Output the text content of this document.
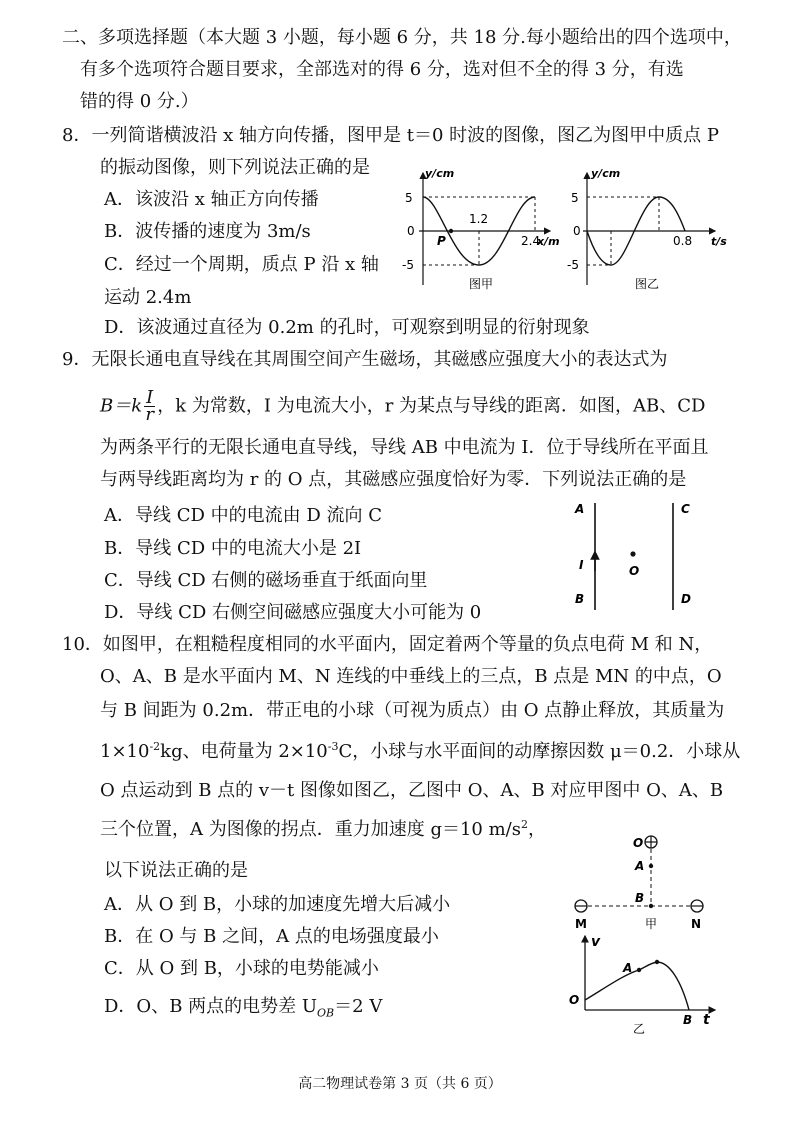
二、多项选择题（本大题 3 小题，每小题 6 分，共 18 分.每小题给出的四个选项中，
有多个选项符合题目要求，全部选对的得 6 分，选对但不全的得 3 分，有选
错的得 0 分.）
8．一列简谐横波沿 x 轴方向传播，图甲是 t＝0 时波的图像，图乙为图甲中质点 P
的振动图像，则下列说法正确的是
A．该波沿 x 轴正方向传播
B．波传播的速度为 3m/s
C．经过一个周期，质点 P 沿 x 轴
运动 2.4m
D．该波通过直径为 0.2m 的孔时，可观察到明显的衍射现象
y/cm
5
0
-5
1.2
2.4
x/m
P
图甲
y/cm
5
0
-5
0.8 t/s
图乙
9．无限长通电直导线在其周围空间产生磁场，其磁感应强度大小的表达式为
$B=k \frac{I}{r}$ ，k 为常数，I 为电流大小，r 为某点与导线的距离．如图，AB、CD
为两条平行的无限长通电直导线，导线 AB 中电流为 I．位于导线所在平面且
与两导线距离均为 r 的 O 点，其磁感应强度恰好为零．下列说法正确的是
A．导线 CD 中的电流由 D 流向 C
B．导线 CD 中的电流大小是 2I
C．导线 CD 右侧的磁场垂直于纸面向里
D．导线 CD 右侧空间磁感应强度大小可能为 0
A
B
I
C
D
O
10．如图甲，在粗糙程度相同的水平面内，固定着两个等量的负点电荷 M 和 N，
O、A、B 是水平面内 M、N 连线的中垂线上的三点，B 点是 MN 的中点，O
与 B 间距为 0.2m．带正电的小球（可视为质点）由 O 点静止释放，其质量为
$1\times 10^{-2}kg$、电荷量为 $2\times 10^{-3}C$，小球与水平面间的动摩擦因数 μ＝0.2．小球从
O 点运动到 B 点的 v－t 图像如图乙，乙图中 O、A、B 对应甲图中 O、A、B
三个位置，A 为图像的拐点．重力加速度 g＝10 $m/s^2$，
以下说法正确的是
A．从 O 到 B，小球的加速度先增大后减小
B．在 O 与 B 之间，A 点的电场强度最小
C．从 O 到 B，小球的电势能减小
D．O、B 两点的电势差 $U_{OB}=2$ V
O
A
B
M	N
甲
v
O
A
B t
乙
高二物理试卷第 3 页（共 6 页）
